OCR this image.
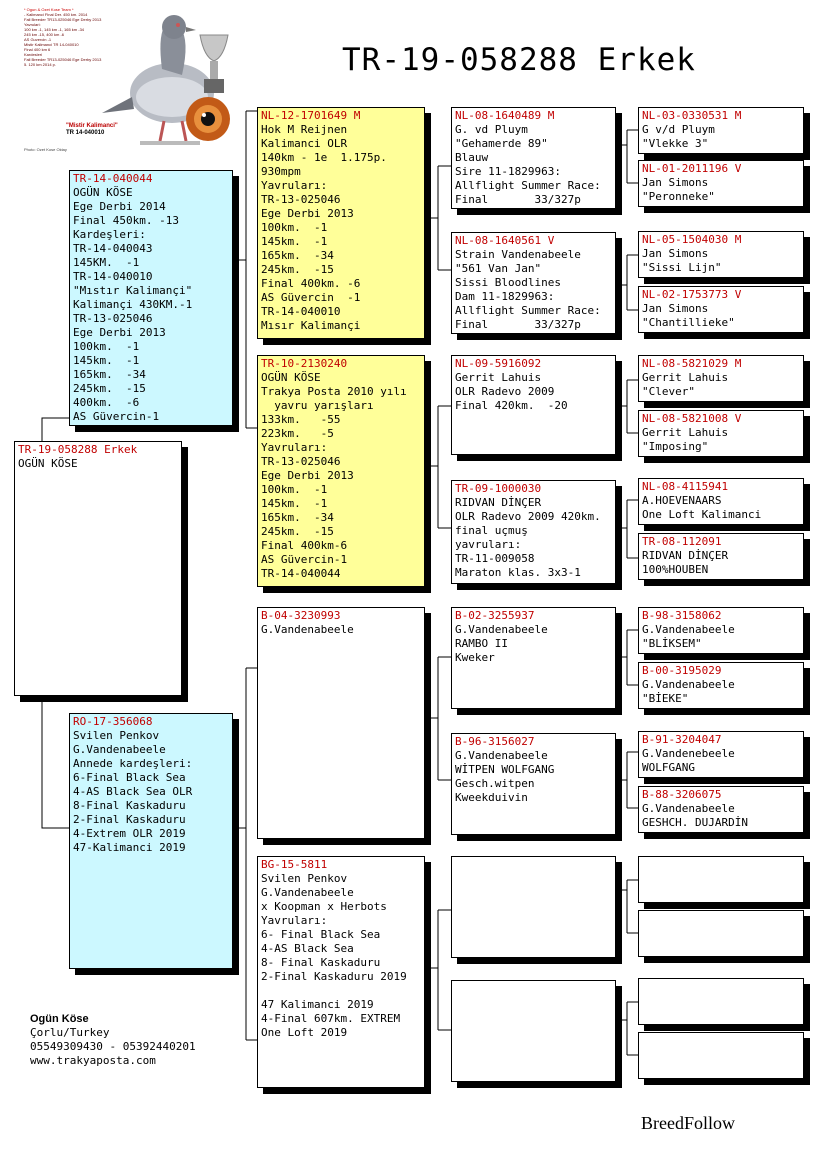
* Ogun & Ozet Kose Team *
- Kalimanci Final Der. 450 km. 2014
Fall Breeder TR13-025046 Ege Derby 2013
Yavrulari:
100 km -1, 145 km -1, 165 km -34
245 km -15, 400 km -6
AS Guvercin -1
Mistir Kalimanci TR 14-040010
Final 400 km 6
Kardesleri
Fall Breeder TR13-025046 Ege Derby 2013
5. 120 km 2014 p.
"Mistir Kalimanci"
TR 14-040010
Photo: Ozet Kose Oktay
TR-19-058288 Erkek
TR-19-058288 Erkek
OGÜN KÖSE
TR-14-040044
OGÜN KÖSE
Ege Derbi 2014
Final 450km. -13
Kardeşleri:
TR-14-040043
145KM.  -1
TR-14-040010
"Mıstır Kalimançi"
Kalimançi 430KM.-1
TR-13-025046
Ege Derbi 2013
100km.  -1
145km.  -1
165km.  -34
245km.  -15
400km.  -6
AS Güvercin-1
RO-17-356068
Svilen Penkov
G.Vandenabeele
Annede kardeşleri:
6-Final Black Sea
4-AS Black Sea OLR
8-Final Kaskaduru
2-Final Kaskaduru
4-Extrem OLR 2019
47-Kalimanci 2019
NL-12-1701649 M
Hok M Reijnen
Kalimanci OLR
140km - 1e  1.175p.
930mpm
Yavruları:
TR-13-025046
Ege Derbi 2013
100km.  -1
145km.  -1
165km.  -34
245km.  -15
Final 400km. -6
AS Güvercin  -1
TR-14-040010
Mısır Kalimançi
TR-10-2130240
OGÜN KÖSE
Trakya Posta 2010 yılı
yavru yarışları
133km.   -55
223km.   -5
Yavruları:
TR-13-025046
Ege Derbi 2013
100km.  -1
145km.  -1
165km.  -34
245km.  -15
Final 400km-6
AS Güvercin-1
TR-14-040044
B-04-3230993
G.Vandenabeele
BG-15-5811
Svilen Penkov
G.Vandenabeele
x Koopman x Herbots
Yavruları:
6- Final Black Sea
4-AS Black Sea
8- Final Kaskaduru
2-Final Kaskaduru 2019

47 Kalimanci 2019
4-Final 607km. EXTREM
One Loft 2019
NL-08-1640489 M
G. vd Pluym
"Gehamerde 89"
Blauw
Sire 11-1829963:
Allflight Summer Race:
Final       33/327p
NL-08-1640561 V
Strain Vandenabeele
"561 Van Jan"
Sissi Bloodlines
Dam 11-1829963:
Allflight Summer Race:
Final       33/327p
NL-09-5916092
Gerrit Lahuis
OLR Radevo 2009
Final 420km.  -20
TR-09-1000030
RIDVAN DİNÇER
OLR Radevo 2009 420km.
final uçmuş
yavruları:
TR-11-009058
Maraton klas. 3x3-1
B-02-3255937
G.Vandenabeele
RAMBO II
Kweker
B-96-3156027
G.Vandenabeele
WİTPEN WOLFGANG
Gesch.witpen
Kweekduivin
NL-03-0330531 M
G v/d Pluym
"Vlekke 3"
NL-01-2011196 V
Jan Simons
"Peronneke"
NL-05-1504030 M
Jan Simons
"Sissi Lijn"
NL-02-1753773 V
Jan Simons
"Chantillieke"
NL-08-5821029 M
Gerrit Lahuis
"Clever"
NL-08-5821008 V
Gerrit Lahuis
"Imposing"
NL-08-4115941
A.HOEVENAARS
One Loft Kalimanci
TR-08-112091
RIDVAN DİNÇER
100%HOUBEN
B-98-3158062
G.Vandenabeele
"BLİKSEM"
B-00-3195029
G.Vandenabeele
"BİEKE"
B-91-3204047
G.Vandenebeele
WOLFGANG
B-88-3206075
G.Vandenabeele
GESHCH. DUJARDİN
Ogün Köse
Çorlu/Turkey
05549309430 - 05392440201
www.trakyaposta.com
BreedFollow
